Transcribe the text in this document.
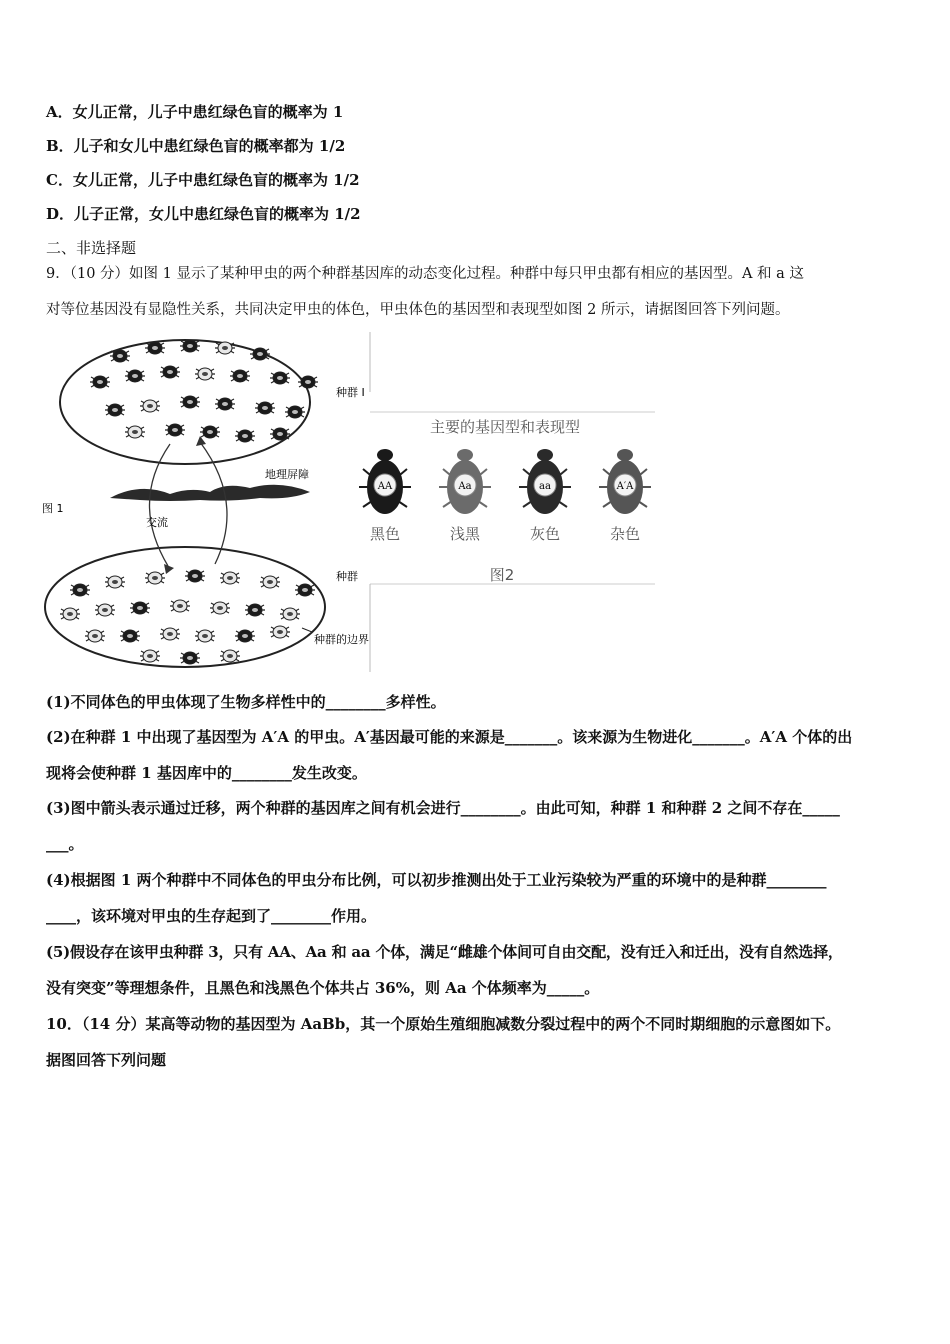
A．女儿正常，儿子中患红绿色盲的概率为 1
B．儿子和女儿中患红绿色盲的概率都为 1/2
C．女儿正常，儿子中患红绿色盲的概率为 1/2
D．儿子正常，女儿中患红绿色盲的概率为 1/2
二、非选择题
9．（10 分）如图 1 显示了某种甲虫的两个种群基因库的动态变化过程。种群中每只甲虫都有相应的基因型。A 和 a 这
对等位基因没有显隐性关系，共同决定甲虫的体色，甲虫体色的基因型和表现型如图 2 所示，请据图回答下列问题。
图 1
种群 I
地理屏障
交流
种群
种群的边界
主要的基因型和表现型
AA
黑色
Aa
浅黑
aa
灰色
A′A
杂色
图2
(1)不同体色的甲虫体现了生物多样性中的________多样性。
(2)在种群 1 中出现了基因型为 A′A 的甲虫。A′基因最可能的来源是_______。该来源为生物进化_______。A′A 个体的出
现将会使种群 1 基因库中的________发生改变。
(3)图中箭头表示通过迁移，两个种群的基因库之间有机会进行________。由此可知，种群 1 和种群 2 之间不存在_____
___。
(4)根据图 1 两个种群中不同体色的甲虫分布比例，可以初步推测出处于工业污染较为严重的环境中的是种群________
____，该环境对甲虫的生存起到了________作用。
(5)假设存在该甲虫种群 3，只有 AA、Aa 和 aa 个体，满足“雌雄个体间可自由交配，没有迁入和迁出，没有自然选择，
没有突变”等理想条件，且黑色和浅黑色个体共占 36%，则 Aa 个体频率为_____。
10．（14 分）某高等动物的基因型为 AaBb，其一个原始生殖细胞减数分裂过程中的两个不同时期细胞的示意图如下。
据图回答下列问题
